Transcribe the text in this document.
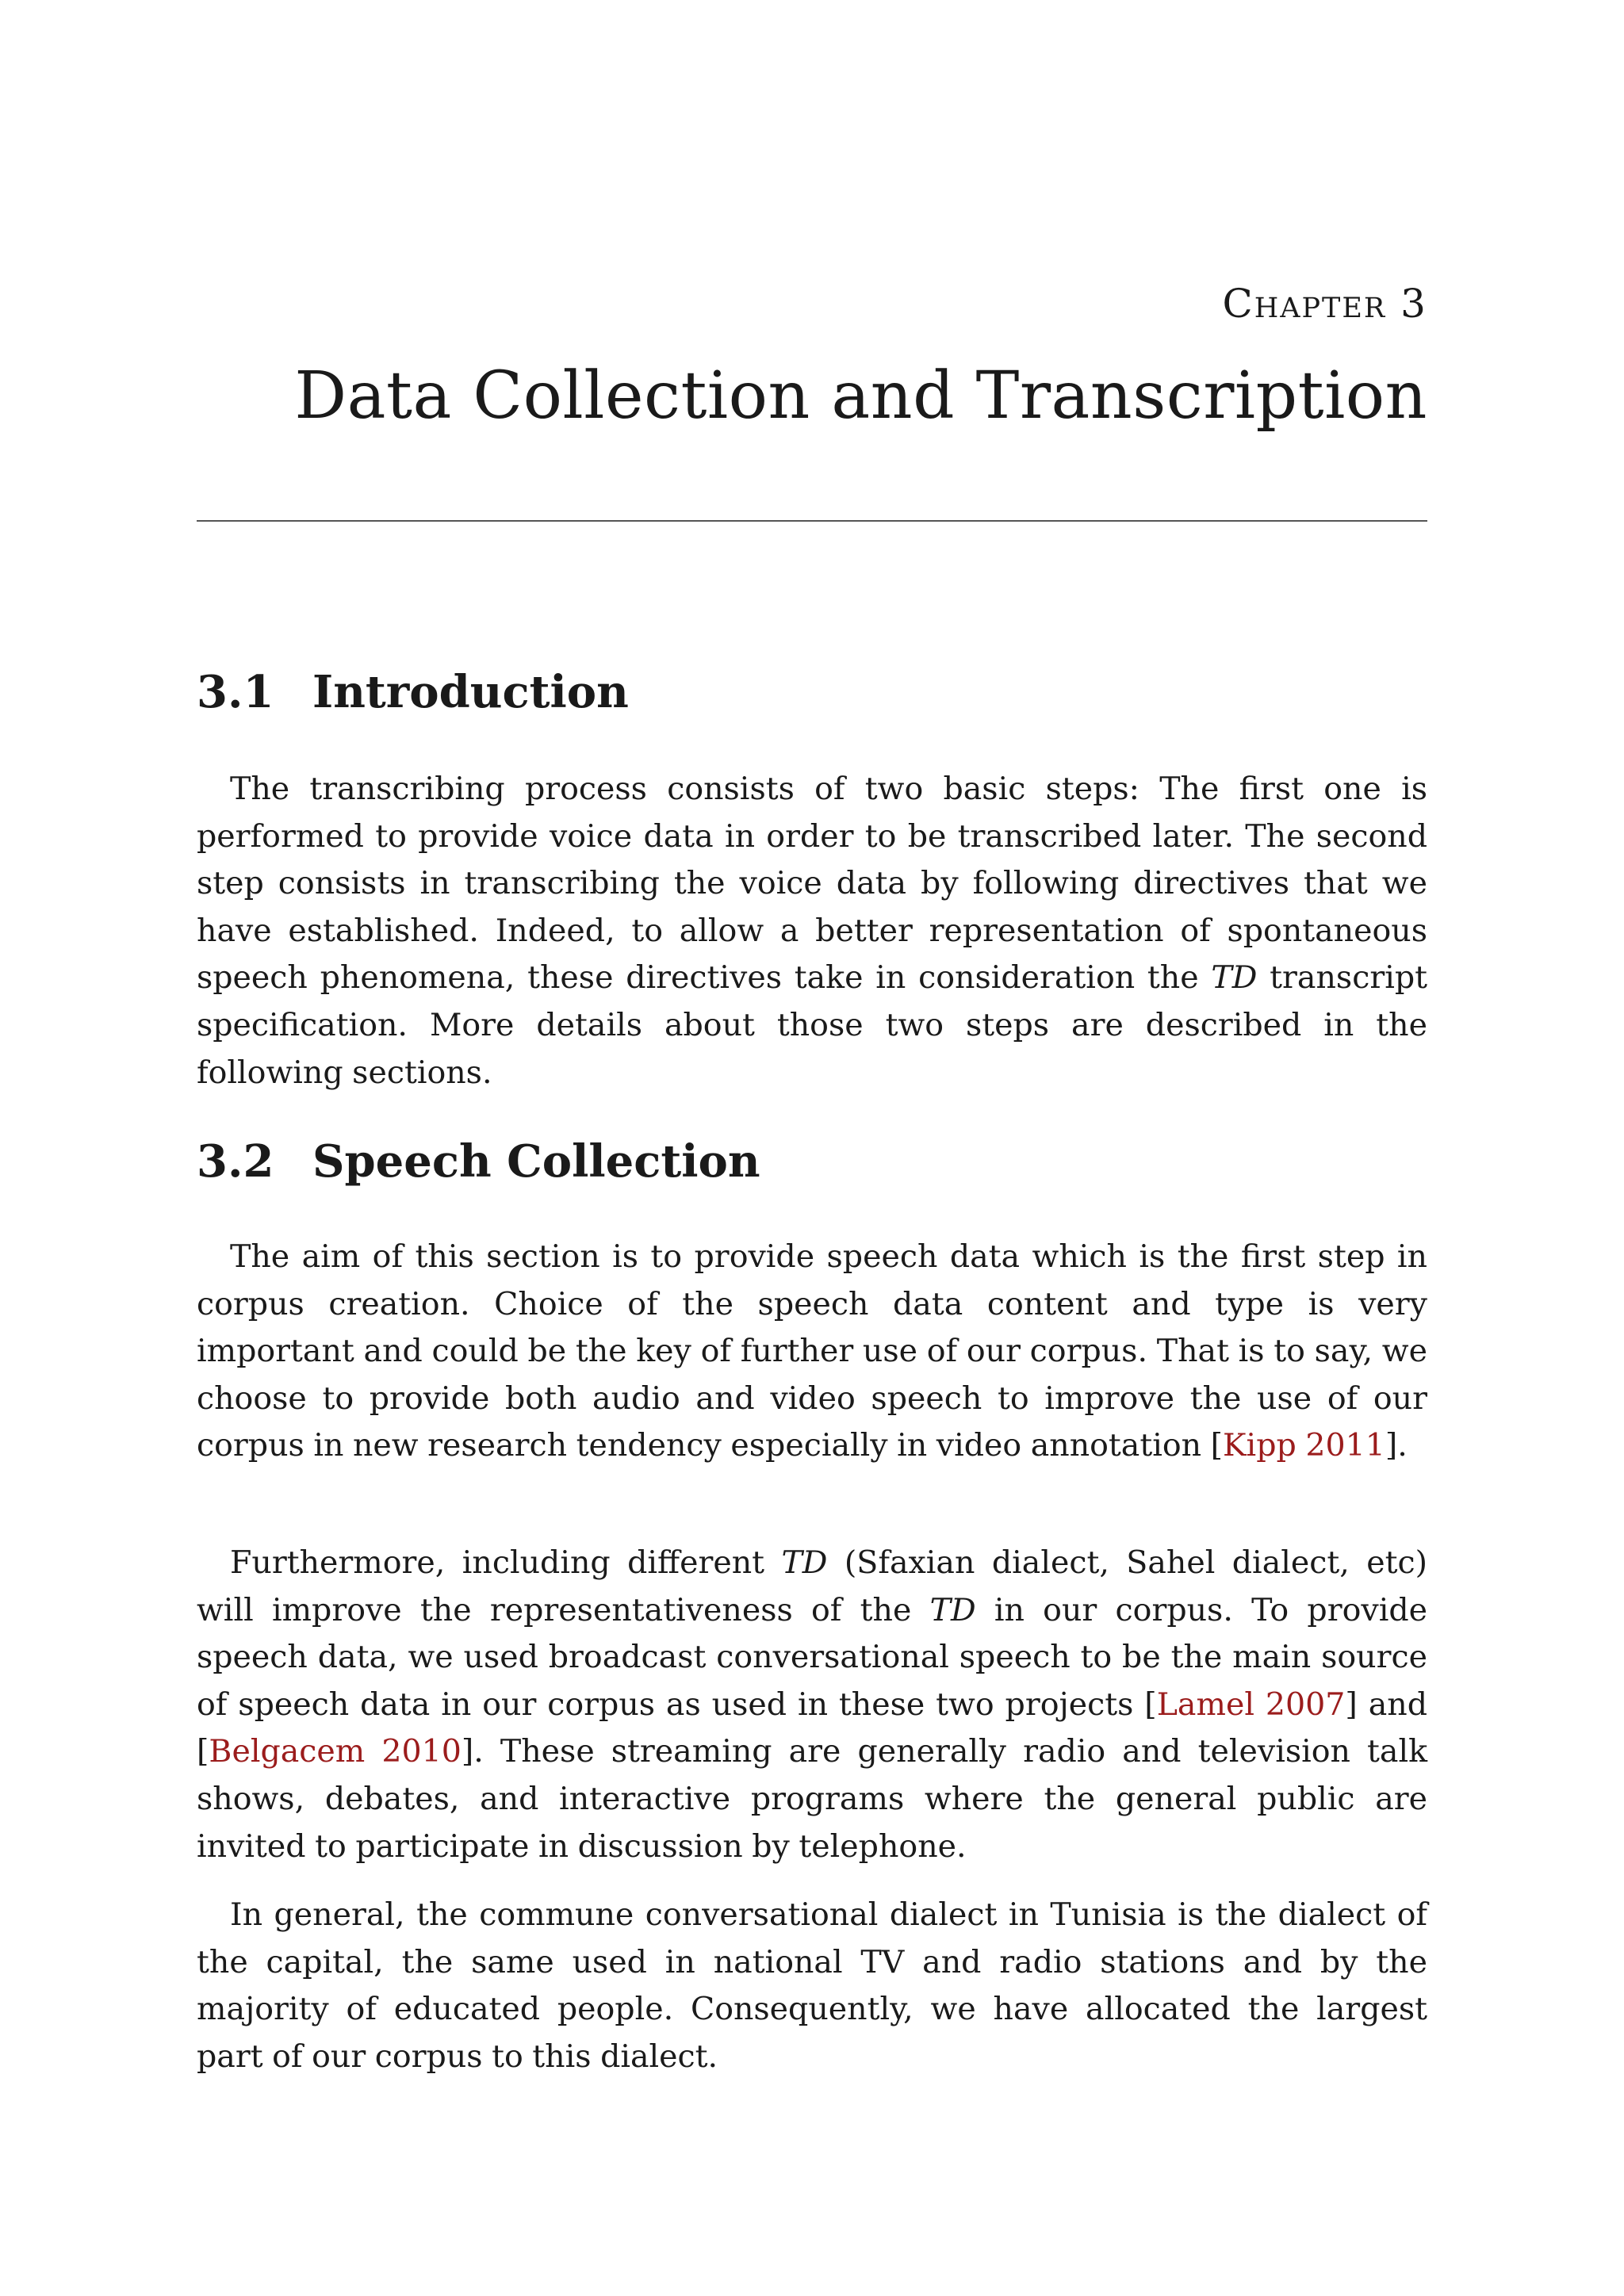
Chapter 3
Data Collection and Transcription
3.1 Introduction

The transcribing process consists of two basic steps: The first one is performed to provide voice data in order to be transcribed later. The second step consists in transcribing the voice data by following directives that we have established. Indeed, to allow a better representation of spontaneous speech phenomena, these directives take in consideration the TD transcript specification. More details about those two steps are described in the following sections.

3.2 Speech Collection

The aim of this section is to provide speech data which is the first step in corpus creation. Choice of the speech data content and type is very important and could be the key of further use of our corpus. That is to say, we choose to provide both audio and video speech to improve the use of our corpus in new research tendency especially in video annotation [Kipp 2011].

Furthermore, including different TD (Sfaxian dialect, Sahel dialect, etc) will improve the representativeness of the TD in our corpus. To provide speech data, we used broadcast conversational speech to be the main source of speech data in our corpus as used in these two projects [Lamel 2007] and [Belgacem 2010]. These streaming are generally radio and television talk shows, debates, and interactive programs where the general public are invited to participate in discussion by telephone.

In general, the commune conversational dialect in Tunisia is the dialect of the capital, the same used in national TV and radio stations and by the majority of educated people. Consequently, we have allocated the largest part of our corpus to this dialect.
